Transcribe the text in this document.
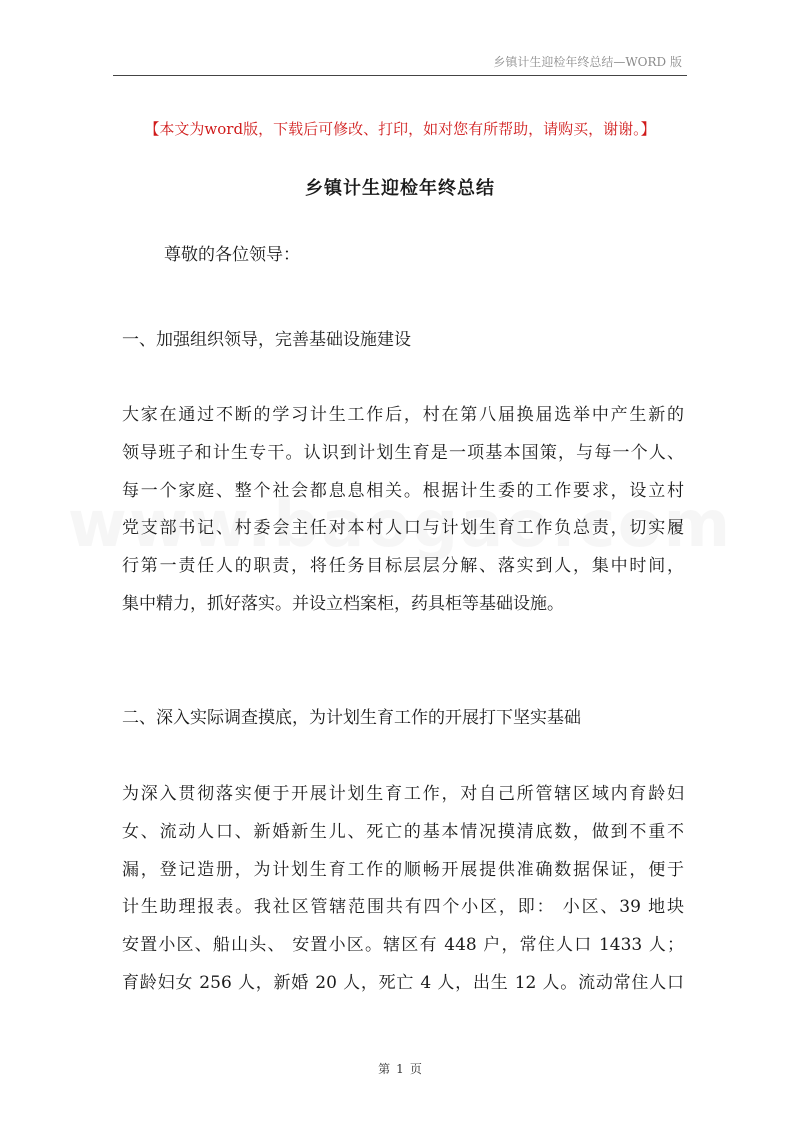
乡镇计生迎检年终总结—WORD 版
【本文为word版，下载后可修改、打印，如对您有所帮助，请购买，谢谢。】
乡镇计生迎检年终总结
尊敬的各位领导：
一、加强组织领导，完善基础设施建设
大家在通过不断的学习计生工作后，村在第八届换届选举中产生新的
领导班子和计生专干。认识到计划生育是一项基本国策，与每一个人、
每一个家庭、整个社会都息息相关。根据计生委的工作要求，设立村
党支部书记、村委会主任对本村人口与计划生育工作负总责，切实履
行第一责任人的职责，将任务目标层层分解、落实到人，集中时间，
集中精力，抓好落实。并设立档案柜，药具柜等基础设施。
二、深入实际调查摸底，为计划生育工作的开展打下坚实基础
为深入贯彻落实便于开展计划生育工作，对自己所管辖区域内育龄妇
女、流动人口、新婚新生儿、死亡的基本情况摸清底数，做到不重不
漏，登记造册，为计划生育工作的顺畅开展提供准确数据保证，便于
计生助理报表。我社区管辖范围共有四个小区，即： 小区、39 地块
安置小区、船山头、 安置小区。辖区有 448 户，常住人口 1433 人；
育龄妇女 256 人，新婚 20 人，死亡 4 人，出生 12 人。流动常住人口
第 1 页
